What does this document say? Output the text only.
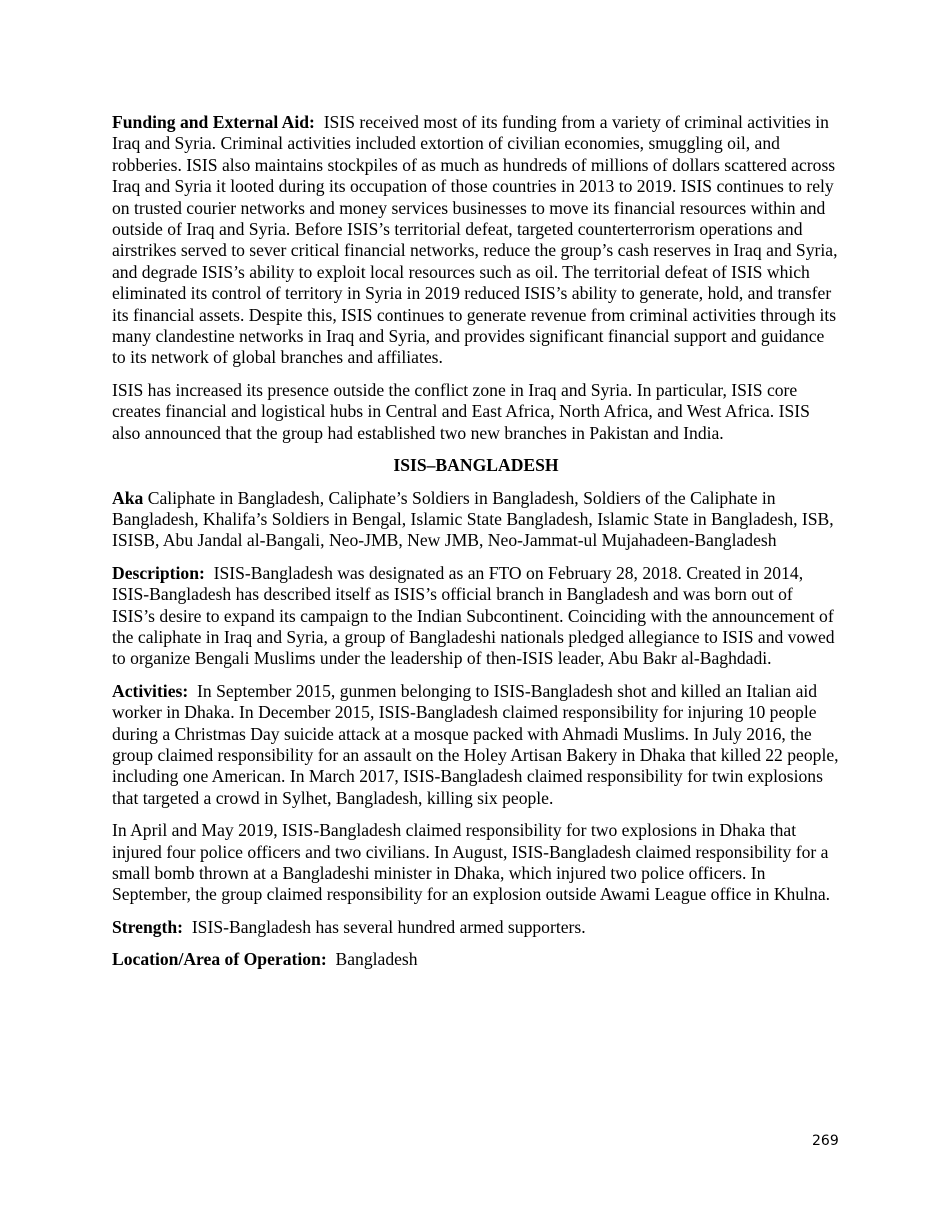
Funding and External Aid: ISIS received most of its funding from a variety of criminal activities in Iraq and Syria. Criminal activities included extortion of civilian economies, smuggling oil, and robberies. ISIS also maintains stockpiles of as much as hundreds of millions of dollars scattered across Iraq and Syria it looted during its occupation of those countries in 2013 to 2019. ISIS continues to rely on trusted courier networks and money services businesses to move its financial resources within and outside of Iraq and Syria. Before ISIS’s territorial defeat, targeted counterterrorism operations and airstrikes served to sever critical financial networks, reduce the group’s cash reserves in Iraq and Syria, and degrade ISIS’s ability to exploit local resources such as oil. The territorial defeat of ISIS which eliminated its control of territory in Syria in 2019 reduced ISIS’s ability to generate, hold, and transfer its financial assets. Despite this, ISIS continues to generate revenue from criminal activities through its many clandestine networks in Iraq and Syria, and provides significant financial support and guidance to its network of global branches and affiliates.

ISIS has increased its presence outside the conflict zone in Iraq and Syria. In particular, ISIS core creates financial and logistical hubs in Central and East Africa, North Africa, and West Africa. ISIS also announced that the group had established two new branches in Pakistan and India.

ISIS–BANGLADESH

Aka Caliphate in Bangladesh, Caliphate’s Soldiers in Bangladesh, Soldiers of the Caliphate in Bangladesh, Khalifa’s Soldiers in Bengal, Islamic State Bangladesh, Islamic State in Bangladesh, ISB, ISISB, Abu Jandal al-Bangali, Neo-JMB, New JMB, Neo-Jammat-ul Mujahadeen-Bangladesh

Description: ISIS-Bangladesh was designated as an FTO on February 28, 2018. Created in 2014, ISIS-Bangladesh has described itself as ISIS’s official branch in Bangladesh and was born out of ISIS’s desire to expand its campaign to the Indian Subcontinent. Coinciding with the announcement of the caliphate in Iraq and Syria, a group of Bangladeshi nationals pledged allegiance to ISIS and vowed to organize Bengali Muslims under the leadership of then-ISIS leader, Abu Bakr al-Baghdadi.

Activities: In September 2015, gunmen belonging to ISIS-Bangladesh shot and killed an Italian aid worker in Dhaka. In December 2015, ISIS-Bangladesh claimed responsibility for injuring 10 people during a Christmas Day suicide attack at a mosque packed with Ahmadi Muslims. In July 2016, the group claimed responsibility for an assault on the Holey Artisan Bakery in Dhaka that killed 22 people, including one American. In March 2017, ISIS-Bangladesh claimed responsibility for twin explosions that targeted a crowd in Sylhet, Bangladesh, killing six people.

In April and May 2019, ISIS-Bangladesh claimed responsibility for two explosions in Dhaka that injured four police officers and two civilians. In August, ISIS-Bangladesh claimed responsibility for a small bomb thrown at a Bangladeshi minister in Dhaka, which injured two police officers. In September, the group claimed responsibility for an explosion outside Awami League office in Khulna.

Strength: ISIS-Bangladesh has several hundred armed supporters.

Location/Area of Operation: Bangladesh

269
